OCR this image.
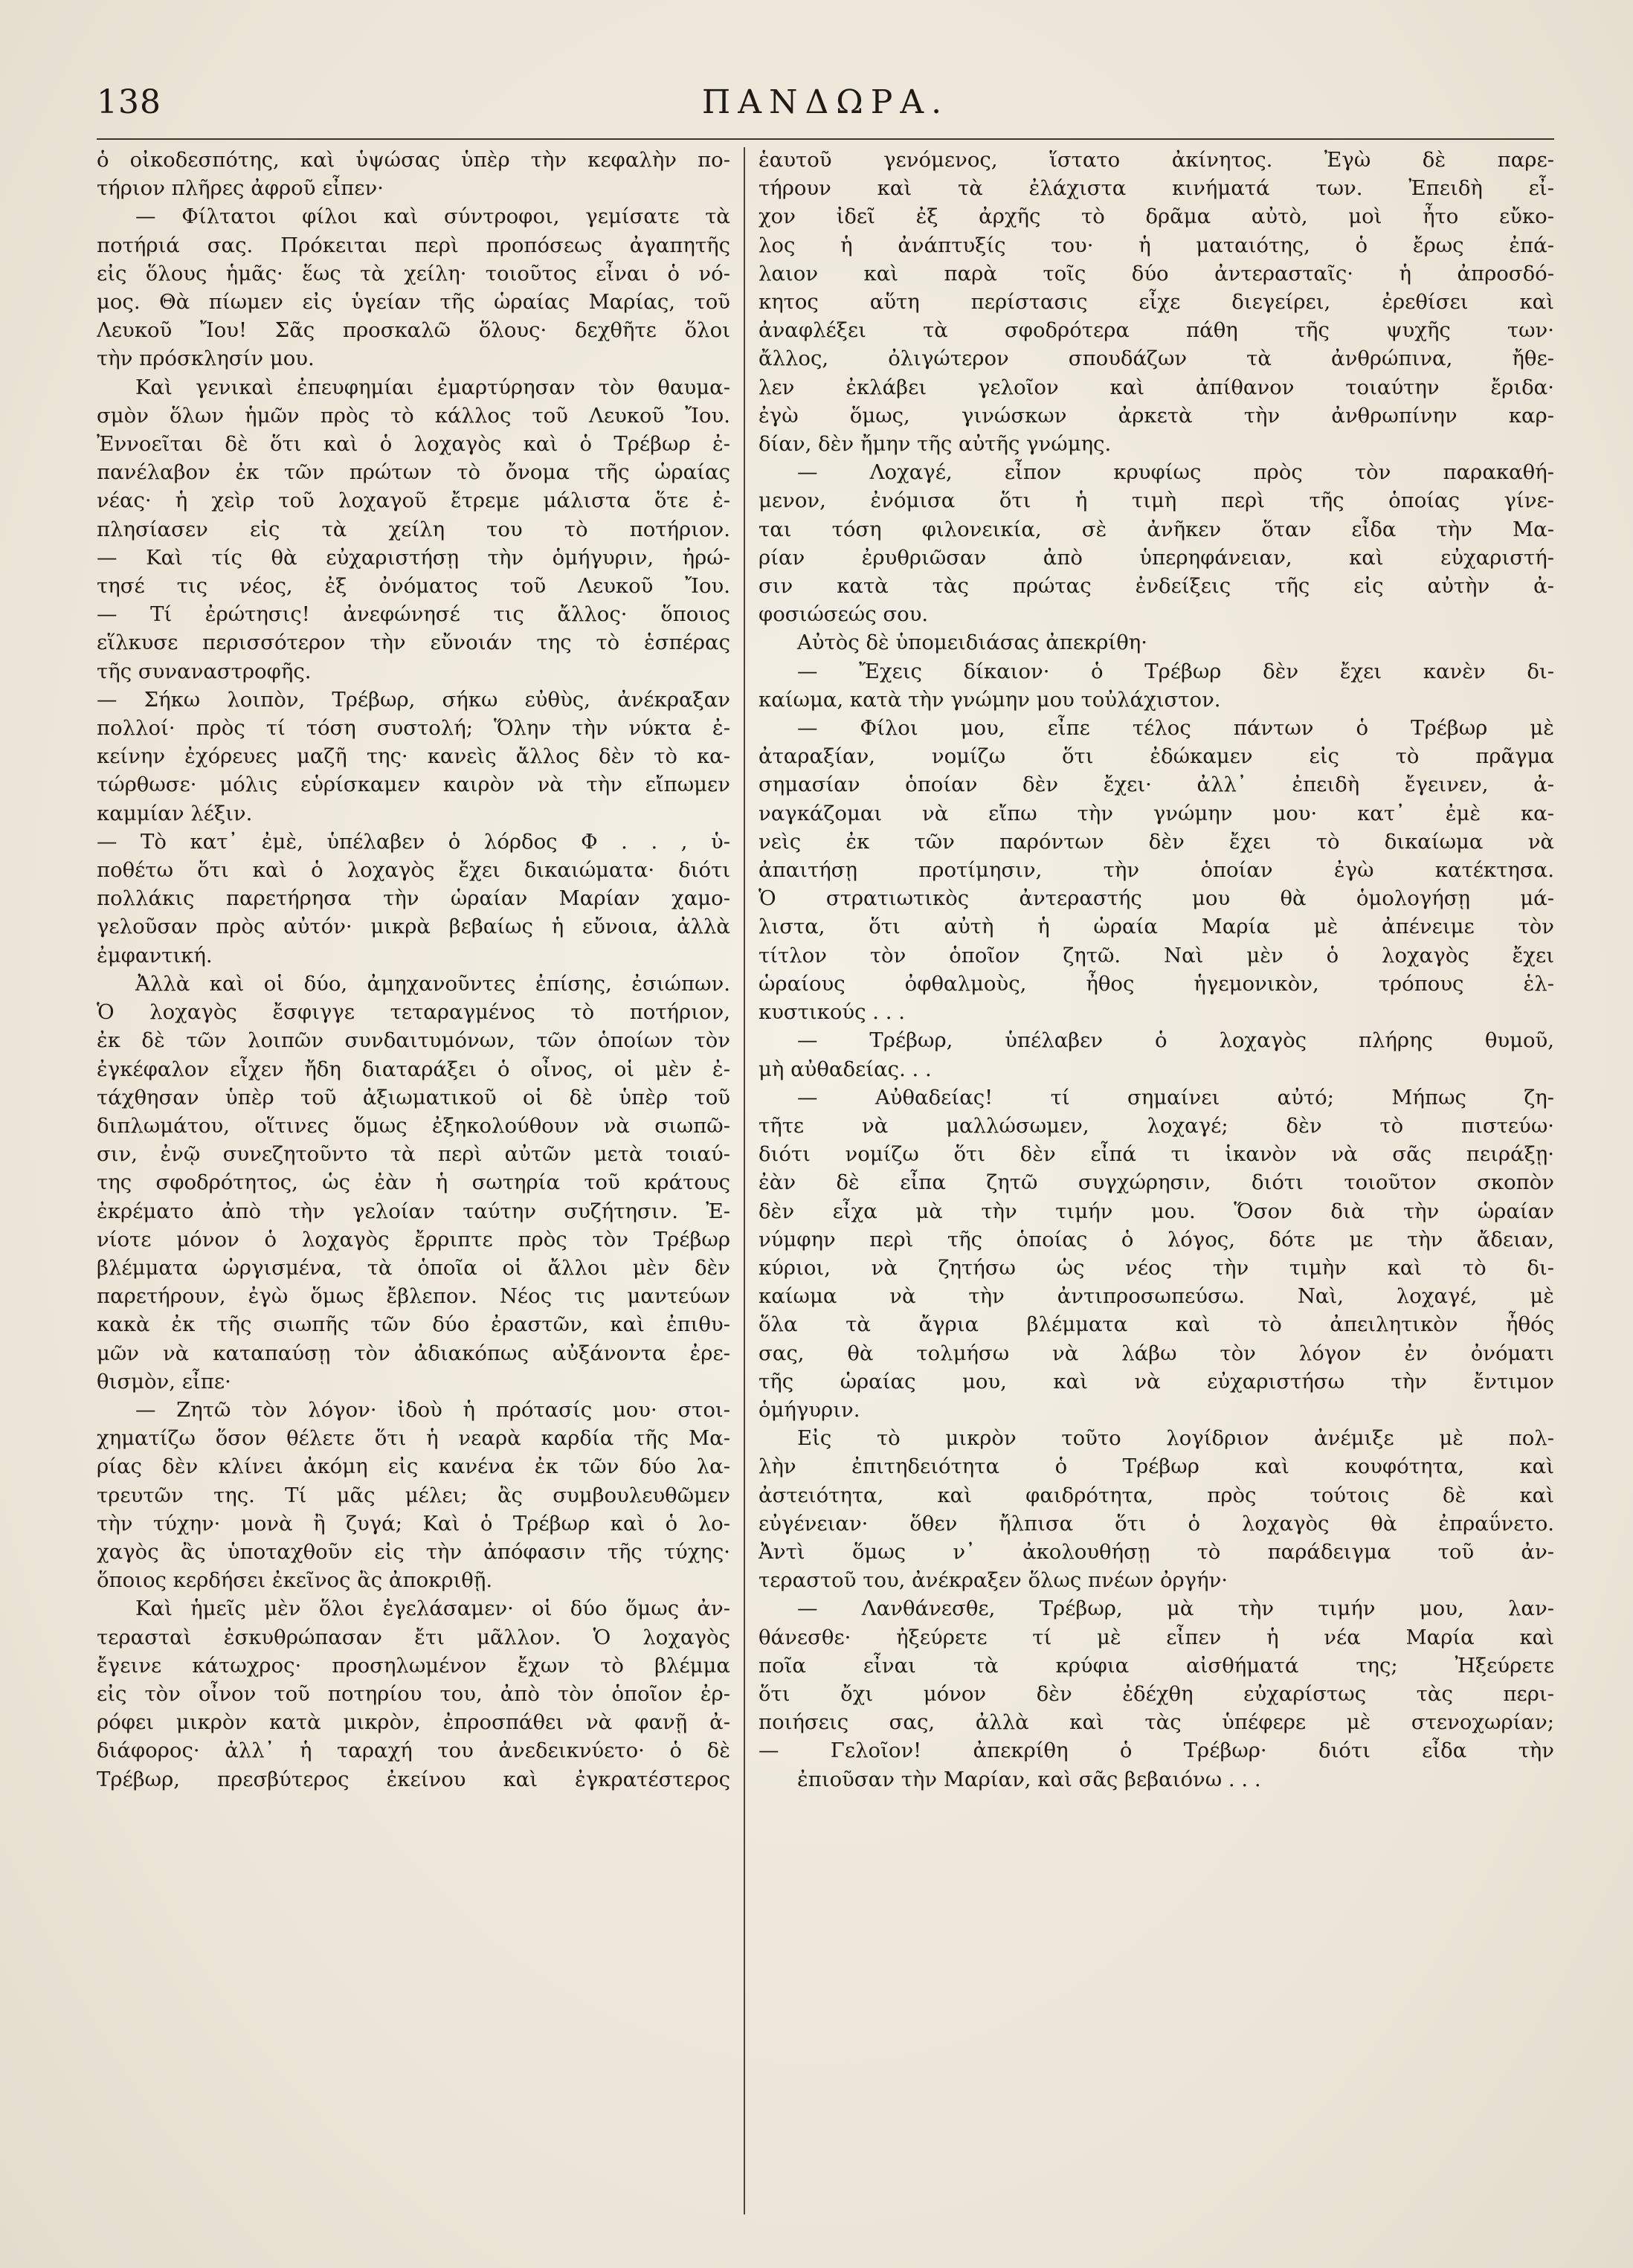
138	ΠΑΝΔΩΡΑ.

ὁ οἰκοδεσπότης, καὶ ὑψώσας ὑπὲρ τὴν κεφαλὴν πο-

τήριον πλῆρες ἀφροῦ εἶπεν·

— Φίλτατοι φίλοι καὶ σύντροφοι, γεμίσατε τὰ

ποτήριά σας. Πρόκειται περὶ προπόσεως ἀγαπητῆς

εἰς ὅλους ἡμᾶς· ἕως τὰ χείλη· τοιοῦτος εἶναι ὁ νό-

μος. Θὰ πίωμεν εἰς ὑγείαν τῆς ὡραίας Μαρίας, τοῦ

Λευκοῦ Ἴου! Σᾶς προσκαλῶ ὅλους· δεχθῆτε ὅλοι

τὴν πρόσκλησίν μου.

Καὶ γενικαὶ ἐπευφημίαι ἐμαρτύρησαν τὸν θαυμα-

σμὸν ὅλων ἡμῶν πρὸς τὸ κάλλος τοῦ Λευκοῦ Ἴου.

Ἐννοεῖται δὲ ὅτι καὶ ὁ λοχαγὸς καὶ ὁ Τρέβωρ ἐ-

πανέλαβον ἐκ τῶν πρώτων τὸ ὄνομα τῆς ὡραίας

νέας· ἡ χεὶρ τοῦ λοχαγοῦ ἔτρεμε μάλιστα ὅτε ἐ-

πλησίασεν εἰς τὰ χείλη του τὸ ποτήριον.

— Καὶ τίς θὰ εὐχαριστήσῃ τὴν ὁμήγυριν, ἠρώ-

τησέ τις νέος, ἐξ ὀνόματος τοῦ Λευκοῦ Ἴου.

— Τί ἐρώτησις! ἀνεφώνησέ τις ἄλλος· ὅποιος

εἵλκυσε περισσότερον τὴν εὔνοιάν της τὸ ἑσπέρας

τῆς συναναστροφῆς.

— Σήκω λοιπὸν, Τρέβωρ, σήκω εὐθὺς, ἀνέκραξαν

πολλοί· πρὸς τί τόση συστολή; Ὅλην τὴν νύκτα ἐ-

κείνην ἐχόρευες μαζῆ της· κανεὶς ἄλλος δὲν τὸ κα-

τώρθωσε· μόλις εὑρίσκαμεν καιρὸν νὰ τὴν εἴπωμεν

καμμίαν λέξιν.

— Τὸ κατ᾽ ἐμὲ, ὑπέλαβεν ὁ λόρδος Φ . . , ὑ-

ποθέτω ὅτι καὶ ὁ λοχαγὸς ἔχει δικαιώματα· διότι

πολλάκις παρετήρησα τὴν ὡραίαν Μαρίαν χαμο-

γελοῦσαν πρὸς αὐτόν· μικρὰ βεβαίως ἡ εὔνοια, ἀλλὰ

ἐμφαντική.

Ἀλλὰ καὶ οἱ δύο, ἀμηχανοῦντες ἐπίσης, ἐσιώπων.

Ὁ λοχαγὸς ἔσφιγγε τεταραγμένος τὸ ποτήριον,

ἐκ δὲ τῶν λοιπῶν συνδαιτυμόνων, τῶν ὁποίων τὸν

ἐγκέφαλον εἶχεν ἤδη διαταράξει ὁ οἶνος, οἱ μὲν ἐ-

τάχθησαν ὑπὲρ τοῦ ἀξιωματικοῦ οἱ δὲ ὑπὲρ τοῦ

διπλωμάτου, οἵτινες ὅμως ἐξηκολούθουν νὰ σιωπῶ-

σιν, ἐνῷ συνεζητοῦντο τὰ περὶ αὐτῶν μετὰ τοιαύ-

της σφοδρότητος, ὡς ἐὰν ἡ σωτηρία τοῦ κράτους

ἐκρέματο ἀπὸ τὴν γελοίαν ταύτην συζήτησιν. Ἐ-

νίοτε μόνον ὁ λοχαγὸς ἔρριπτε πρὸς τὸν Τρέβωρ

βλέμματα ὠργισμένα, τὰ ὁποῖα οἱ ἄλλοι μὲν δὲν

παρετήρουν, ἐγὼ ὅμως ἔβλεπον. Νέος τις μαντεύων

κακὰ ἐκ τῆς σιωπῆς τῶν δύο ἐραστῶν, καὶ ἐπιθυ-

μῶν νὰ καταπαύσῃ τὸν ἀδιακόπως αὐξάνοντα ἐρε-

θισμὸν, εἶπε·

— Ζητῶ τὸν λόγον· ἰδοὺ ἡ πρότασίς μου· στοι-

χηματίζω ὅσον θέλετε ὅτι ἡ νεαρὰ καρδία τῆς Μα-

ρίας δὲν κλίνει ἀκόμη εἰς κανένα ἐκ τῶν δύο λα-

τρευτῶν της. Τί μᾶς μέλει; ἂς συμβουλευθῶμεν

τὴν τύχην· μονὰ ἢ ζυγά; Καὶ ὁ Τρέβωρ καὶ ὁ λο-

χαγὸς ἂς ὑποταχθοῦν εἰς τὴν ἀπόφασιν τῆς τύχης·

ὅποιος κερδήσει ἐκεῖνος ἂς ἀποκριθῇ.

Καὶ ἡμεῖς μὲν ὅλοι ἐγελάσαμεν· οἱ δύο ὅμως ἀν-

τερασταὶ ἐσκυθρώπασαν ἔτι μᾶλλον. Ὁ λοχαγὸς

ἔγεινε κάτωχρος· προσηλωμένον ἔχων τὸ βλέμμα

εἰς τὸν οἶνον τοῦ ποτηρίου του, ἀπὸ τὸν ὁποῖον ἐρ-

ρόφει μικρὸν κατὰ μικρὸν, ἐπροσπάθει νὰ φανῇ ἀ-

διάφορος· ἀλλ᾽ ἡ ταραχή του ἀνεδεικνύετο· ὁ δὲ

Τρέβωρ, πρεσβύτερος ἐκείνου καὶ ἐγκρατέστερος

ἑαυτοῦ γενόμενος, ἵστατο ἀκίνητος. Ἐγὼ δὲ παρε-

τήρουν καὶ τὰ ἐλάχιστα κινήματά των. Ἐπειδὴ εἶ-

χον ἰδεῖ ἐξ ἀρχῆς τὸ δρᾶμα αὐτὸ, μοὶ ἦτο εὔκο-

λος ἡ ἀνάπτυξίς του· ἡ ματαιότης, ὁ ἔρως ἐπά-

λαιον καὶ παρὰ τοῖς δύο ἀντερασταῖς· ἡ ἀπροσδό-

κητος αὕτη περίστασις εἶχε διεγείρει, ἐρεθίσει καὶ

ἀναφλέξει τὰ σφοδρότερα πάθη τῆς ψυχῆς των·

ἄλλος, ὀλιγώτερον σπουδάζων τὰ ἀνθρώπινα, ἤθε-

λεν ἐκλάβει γελοῖον καὶ ἀπίθανον τοιαύτην ἔριδα·

ἐγὼ ὅμως, γινώσκων ἀρκετὰ τὴν ἀνθρωπίνην καρ-

δίαν, δὲν ἤμην τῆς αὐτῆς γνώμης.

— Λοχαγέ, εἶπον κρυφίως πρὸς τὸν παρακαθή-

μενον, ἐνόμισα ὅτι ἡ τιμὴ περὶ τῆς ὁποίας γίνε-

ται τόση φιλονεικία, σὲ ἀνῆκεν ὅταν εἶδα τὴν Μα-

ρίαν ἐρυθριῶσαν ἀπὸ ὑπερηφάνειαν, καὶ εὐχαριστή-

σιν κατὰ τὰς πρώτας ἐνδείξεις τῆς εἰς αὐτὴν ἀ-

φοσιώσεώς σου.

Αὐτὸς δὲ ὑπομειδιάσας ἀπεκρίθη·

— Ἔχεις δίκαιον· ὁ Τρέβωρ δὲν ἔχει κανὲν δι-

καίωμα, κατὰ τὴν γνώμην μου τοὐλάχιστον.

— Φίλοι μου, εἶπε τέλος πάντων ὁ Τρέβωρ μὲ

ἀταραξίαν, νομίζω ὅτι ἐδώκαμεν εἰς τὸ πρᾶγμα

σημασίαν ὁποίαν δὲν ἔχει· ἀλλ᾽ ἐπειδὴ ἔγεινεν, ἀ-

ναγκάζομαι νὰ εἴπω τὴν γνώμην μου· κατ᾽ ἐμὲ κα-

νεὶς ἐκ τῶν παρόντων δὲν ἔχει τὸ δικαίωμα νὰ

ἀπαιτήσῃ προτίμησιν, τὴν ὁποίαν ἐγὼ κατέκτησα.

Ὁ στρατιωτικὸς ἀντεραστής μου θὰ ὁμολογήσῃ μά-

λιστα, ὅτι αὐτὴ ἡ ὡραία Μαρία μὲ ἀπένειμε τὸν

τίτλον τὸν ὁποῖον ζητῶ. Ναὶ μὲν ὁ λοχαγὸς ἔχει

ὡραίους ὀφθαλμοὺς, ἦθος ἡγεμονικὸν, τρόπους ἑλ-

κυστικούς . . .

— Τρέβωρ, ὑπέλαβεν ὁ λοχαγὸς πλήρης θυμοῦ,

μὴ αὐθαδείας. . .

— Αὐθαδείας! τί σημαίνει αὐτό; Μήπως ζη-

τῆτε νὰ μαλλώσωμεν, λοχαγέ; δὲν τὸ πιστεύω·

διότι νομίζω ὅτι δὲν εἶπά τι ἱκανὸν νὰ σᾶς πειράξῃ·

ἐὰν δὲ εἶπα ζητῶ συγχώρησιν, διότι τοιοῦτον σκοπὸν

δὲν εἶχα μὰ τὴν τιμήν μου. Ὅσον διὰ τὴν ὡραίαν

νύμφην περὶ τῆς ὁποίας ὁ λόγος, δότε με τὴν ἄδειαν,

κύριοι, νὰ ζητήσω ὡς νέος τὴν τιμὴν καὶ τὸ δι-

καίωμα νὰ τὴν ἀντιπροσωπεύσω. Ναὶ, λοχαγέ, μὲ

ὅλα τὰ ἄγρια βλέμματα καὶ τὸ ἀπειλητικὸν ἦθός

σας, θὰ τολμήσω νὰ λάβω τὸν λόγον ἐν ὀνόματι

τῆς ὡραίας μου, καὶ νὰ εὐχαριστήσω τὴν ἔντιμον

ὁμήγυριν.

Εἰς τὸ μικρὸν τοῦτο λογίδριον ἀνέμιξε μὲ πολ-

λὴν ἐπιτηδειότητα ὁ Τρέβωρ καὶ κουφότητα, καὶ

ἀστειότητα, καὶ φαιδρότητα, πρὸς τούτοις δὲ καὶ

εὐγένειαν· ὅθεν ἤλπισα ὅτι ὁ λοχαγὸς θὰ ἐπραΰνετο.

Ἀντὶ ὅμως ν᾽ ἀκολουθήσῃ τὸ παράδειγμα τοῦ ἀν-

τεραστοῦ του, ἀνέκραξεν ὅλως πνέων ὀργήν·

— Λανθάνεσθε, Τρέβωρ, μὰ τὴν τιμήν μου, λαν-

θάνεσθε· ἠξεύρετε τί μὲ εἶπεν ἡ νέα Μαρία καὶ

ποῖα εἶναι τὰ κρύφια αἰσθήματά της; Ἠξεύρετε

ὅτι ὄχι μόνον δὲν ἐδέχθη εὐχαρίστως τὰς περι-

ποιήσεις σας, ἀλλὰ καὶ τὰς ὑπέφερε μὲ στενοχωρίαν;

— Γελοῖον! ἀπεκρίθη ὁ Τρέβωρ· διότι εἶδα τὴν

ἐπιοῦσαν τὴν Μαρίαν, καὶ σᾶς βεβαιόνω . . .
